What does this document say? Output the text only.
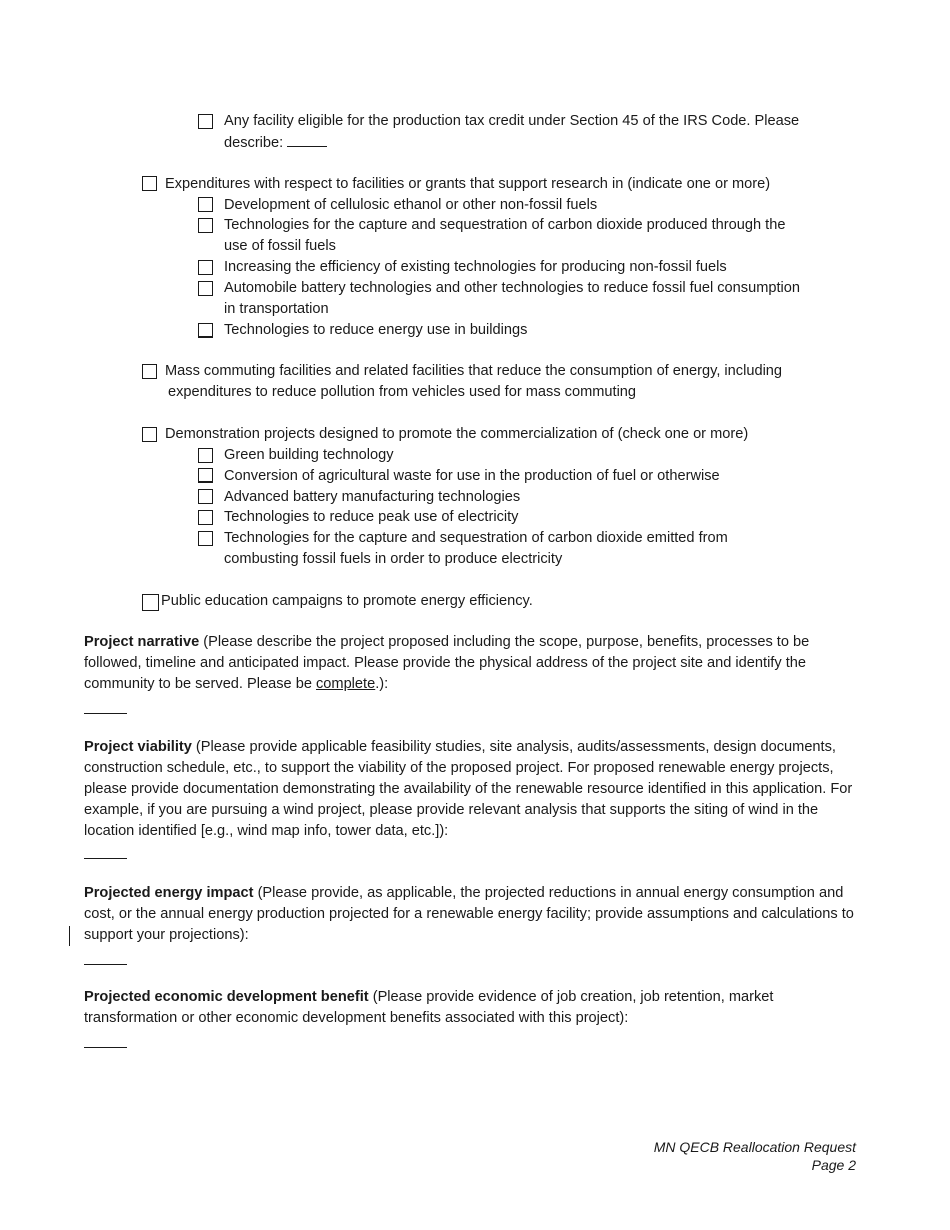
Any facility eligible for the production tax credit under Section 45 of the IRS Code. Please
describe:
Expenditures with respect to facilities or grants that support research in (indicate one or more)
Development of cellulosic ethanol or other non-fossil fuels
Technologies for the capture and sequestration of carbon dioxide produced through the
use of fossil fuels
Increasing the efficiency of existing technologies for producing non-fossil fuels
Automobile battery technologies and other technologies to reduce fossil fuel consumption
in transportation
Technologies to reduce energy use in buildings
Mass commuting facilities and related facilities that reduce the consumption of energy, including
expenditures to reduce pollution from vehicles used for mass commuting
Demonstration projects designed to promote the commercialization of (check one or more)
Green building technology
Conversion of agricultural waste for use in the production of fuel or otherwise
Advanced battery manufacturing technologies
Technologies to reduce peak use of electricity
Technologies for the capture and sequestration of carbon dioxide emitted from
combusting fossil fuels in order to produce electricity
Public education campaigns to promote energy efficiency.
Project narrative (Please describe the project proposed including the scope, purpose, benefits, processes to be followed, timeline and anticipated impact. Please provide the physical address of the project site and identify the community to be served. Please be complete.):
Project viability (Please provide applicable feasibility studies, site analysis, audits/assessments, design documents, construction schedule, etc., to support the viability of the proposed project. For proposed renewable energy projects, please provide documentation demonstrating the availability of the renewable resource identified in this application. For example, if you are pursuing a wind project, please provide relevant analysis that supports the siting of wind in the location identified [e.g., wind map info, tower data, etc.]):
Projected energy impact (Please provide, as applicable, the projected reductions in annual energy consumption and cost, or the annual energy production projected for a renewable energy facility; provide assumptions and calculations to support your projections):
Projected economic development benefit (Please provide evidence of job creation, job retention, market transformation or other economic development benefits associated with this project):
MN QECB Reallocation Request
Page 2
